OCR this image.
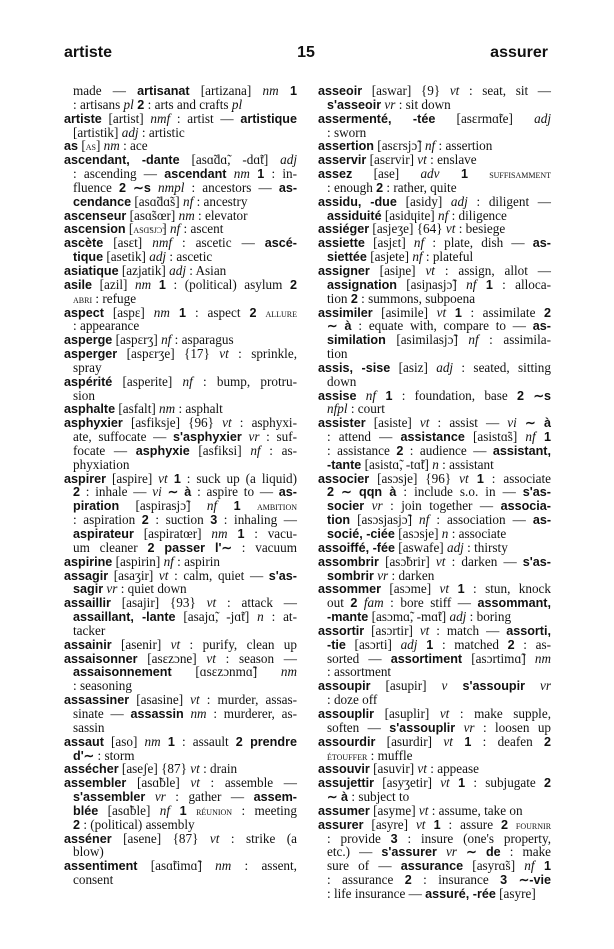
artiste	15	assurer
made — artisanat [artizana] nm 1
: artisans pl 2 : arts and crafts pl
artiste [artist] nmf : artist — artistique
[artistik] adj : artistic
as [as] nm : ace
ascendant, -dante [asɑ̃dɑ̃, -dɑ̃t] adj
: ascending — ascendant nm 1 : in-
fluence 2 ∼s nmpl : ancestors — as-
cendance [asɑ̃dɑ̃s] nf : ancestry
ascenseur [asɑ̃sœr] nm : elevator
ascension [asɑ̃sjɔ̃] nf : ascent
ascète [asɛt] nmf : ascetic — ascé-
tique [asetik] adj : ascetic
asiatique [azjatik] adj : Asian
asile [azil] nm 1 : (political) asylum 2
abri : refuge
aspect [aspɛ] nm 1 : aspect 2 allure
: appearance
asperge [aspɛrʒ] nf : asparagus
asperger [aspɛrʒe] {17} vt : sprinkle,
spray
aspérité [asperite] nf : bump, protru-
sion
asphalte [asfalt] nm : asphalt
asphyxier [asfiksje] {96} vt : asphyxi-
ate, suffocate — s'asphyxier vr : suf-
focate — asphyxie [asfiksi] nf : as-
phyxiation
aspirer [aspire] vt 1 : suck up (a liquid)
2 : inhale — vi ∼ à : aspire to — as-
piration [aspirasjɔ̃] nf 1 ambition
: aspiration 2 : suction 3 : inhaling —
aspirateur [aspiratœr] nm 1 : vacu-
um cleaner 2 passer l'∼ : vacuum
aspirine [aspirin] nf : aspirin
assagir [asaʒir] vt : calm, quiet — s'as-
sagir vr : quiet down
assaillir [asajir] {93} vt : attack —
assaillant, -lante [asajɑ̃, -jɑ̃t] n : at-
tacker
assainir [asenir] vt : purify, clean up
assaisonner [asɛzɔne] vt : season —
assaisonnement [ɑsɛzɔnmɑ̃] nm
: seasoning
assassiner [asasine] vt : murder, assas-
sinate — assassin nm : murderer, as-
sassin
assaut [aso] nm 1 : assault 2 prendre
d'∼ : storm
assécher [aseʃe] {87} vt : drain
assembler [asɑ̃ble] vt : assemble —
s'assembler vr : gather — assem-
blée [asɑ̃ble] nf 1 réunion : meeting
2 : (political) assembly
asséner [asene] {87} vt : strike (a
blow)
assentiment [asɑ̃timɑ̃] nm : assent,
consent
asseoir [aswar] {9} vt : seat, sit —
s'asseoir vr : sit down
assermenté, -tée [asɛrmɑ̃te] adj
: sworn
assertion [asɛrsjɔ̃] nf : assertion
asservir [asɛrvir] vt : enslave
assez [ase] adv 1 suffisamment
: enough 2 : rather, quite
assidu, -due [asidy] adj : diligent —
assiduité [asidɥite] nf : diligence
assiéger [asjeʒe] {64} vt : besiege
assiette [asjɛt] nf : plate, dish — as-
siettée [asjete] nf : plateful
assigner [asiɲe] vt : assign, allot —
assignation [asiɲasjɔ̃] nf 1 : alloca-
tion 2 : summons, subpoena
assimiler [asimile] vt 1 : assimilate 2
∼ à : equate with, compare to — as-
similation [asimilasjɔ̃] nf : assimila-
tion
assis, -sise [asiz] adj : seated, sitting
down
assise nf 1 : foundation, base 2 ∼s
nfpl : court
assister [asiste] vt : assist — vi ∼ à
: attend — assistance [asistɑ̃s] nf 1
: assistance 2 : audience — assistant,
-tante [asistɑ̃, -tɑ̃t] n : assistant
associer [asɔsje] {96} vt 1 : associate
2 ∼ qqn à : include s.o. in — s'as-
socier vr : join together — associa-
tion [asɔsjasjɔ̃] nf : association — as-
socié, -ciée [asɔsje] n : associate
assoiffé, -fée [aswafe] adj : thirsty
assombrir [asɔ̃brir] vt : darken — s'as-
sombrir vr : darken
assommer [asɔme] vt 1 : stun, knock
out 2 fam : bore stiff — assommant,
-mante [asɔmɑ̃, -mɑ̃t] adj : boring
assortir [asɔrtir] vt : match — assorti,
-tie [asɔrti] adj 1 : matched 2 : as-
sorted — assortiment [asɔrtimɑ̃] nm
: assortment
assoupir [asupir] v s'assoupir vr
: doze off
assouplir [asuplir] vt : make supple,
soften — s'assouplir vr : loosen up
assourdir [asurdir] vt 1 : deafen 2
étouffer : muffle
assouvir [asuvir] vt : appease
assujettir [asyʒetir] vt 1 : subjugate 2
∼ à : subject to
assumer [asyme] vt : assume, take on
assurer [asyre] vt 1 : assure 2 fournir
: provide 3 : insure (one's property,
etc.) — s'assurer vr ∼ de : make
sure of — assurance [asyrɑ̃s] nf 1
: assurance 2 : insurance 3 ∼-vie
: life insurance — assuré, -rée [asyre]
